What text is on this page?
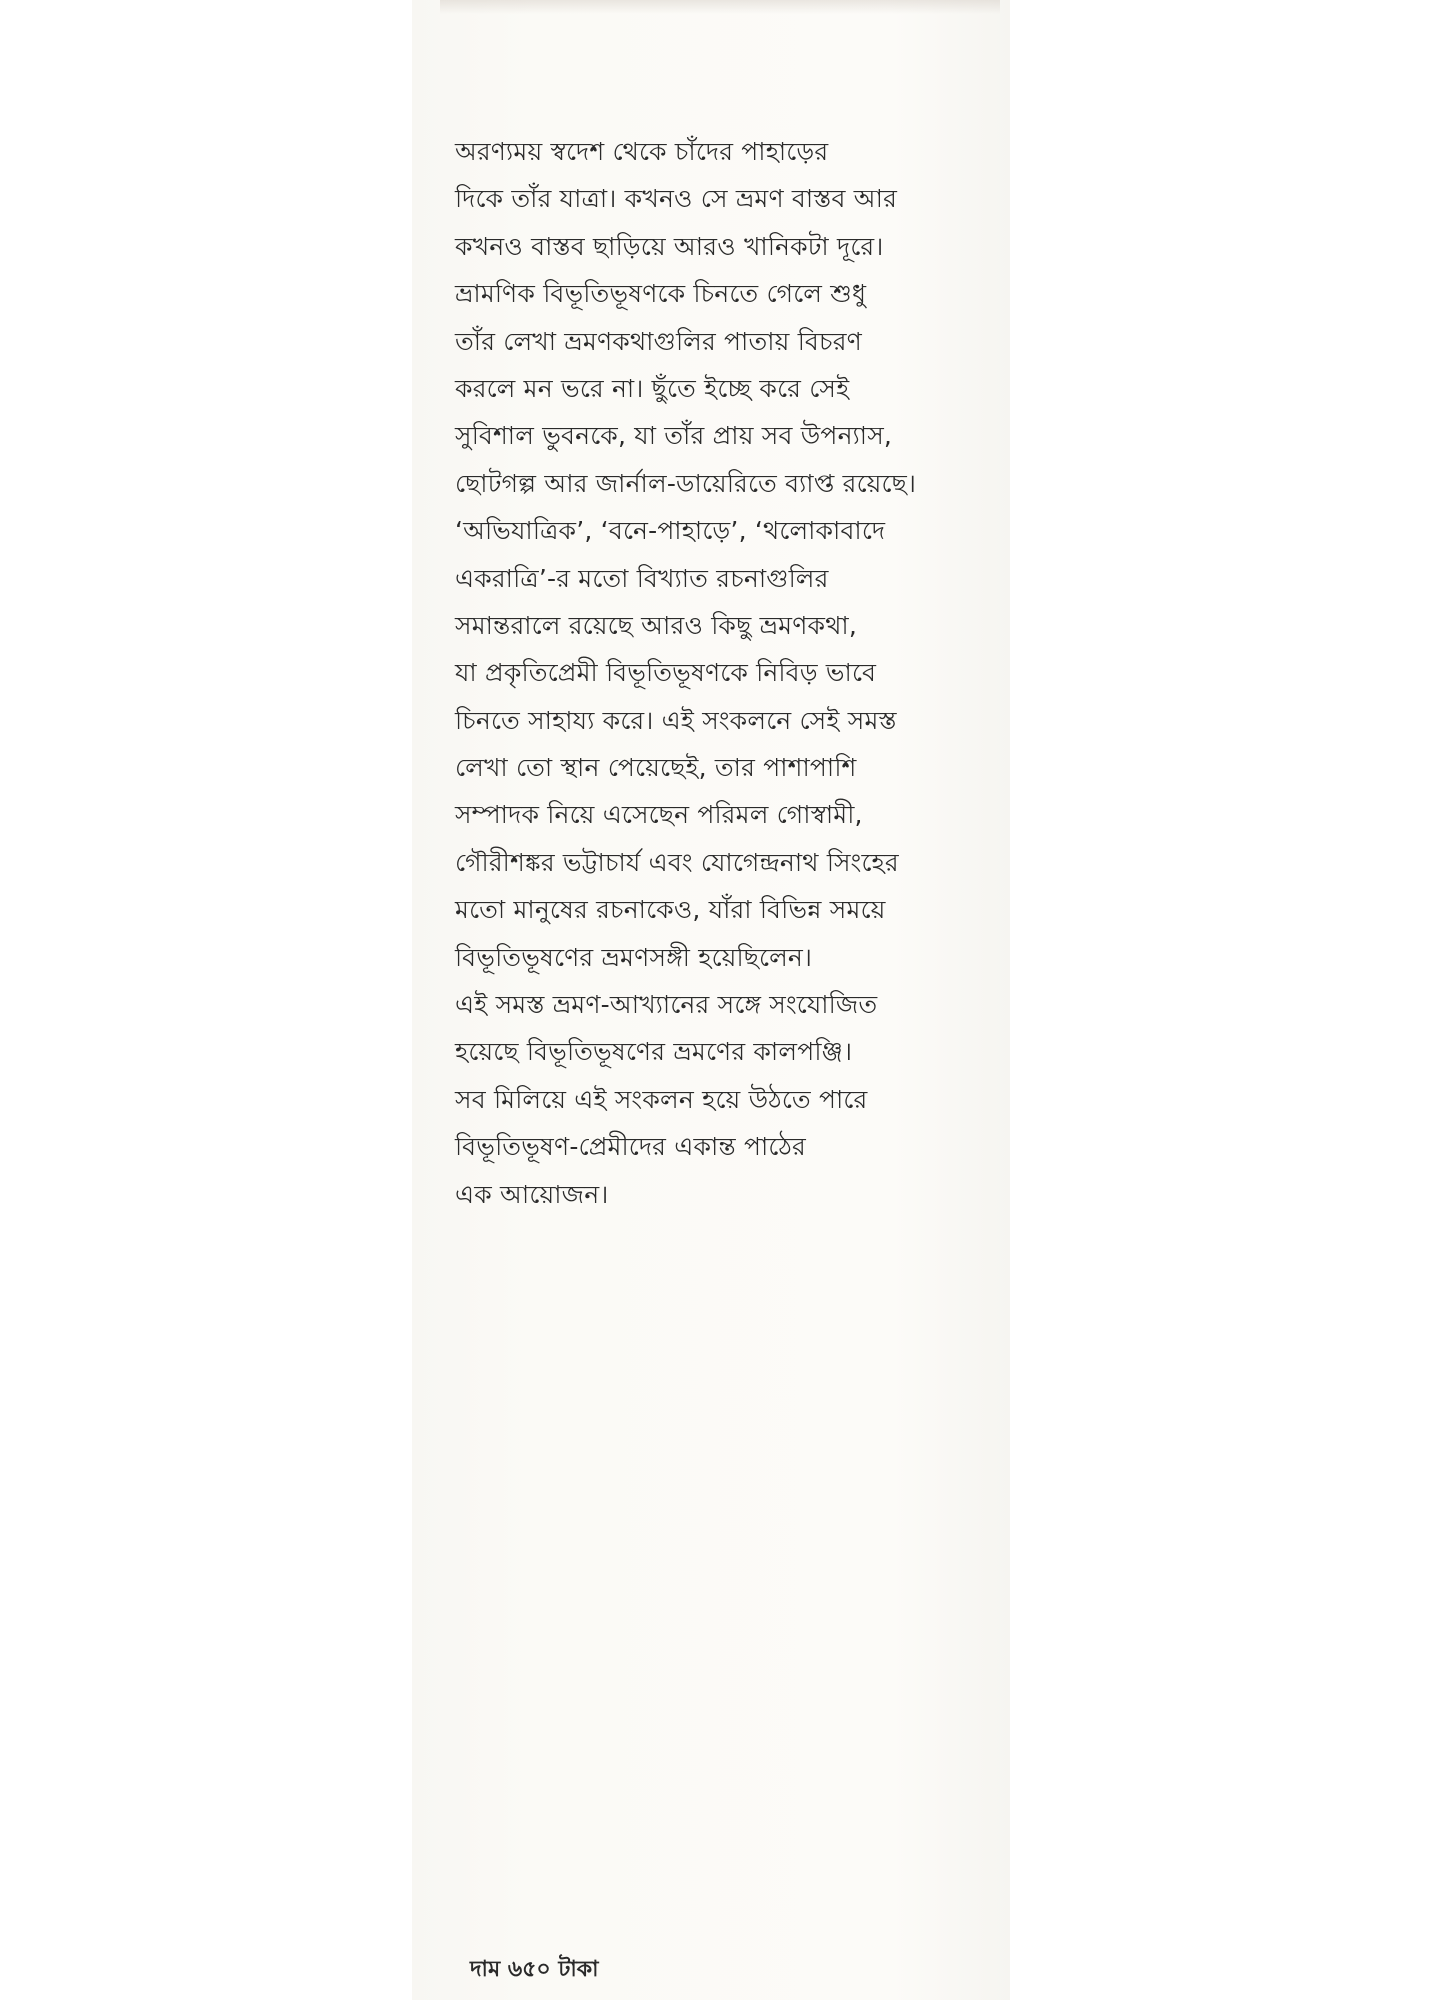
অরণ্যময় স্বদেশ থেকে চাঁদের পাহাড়ের
দিকে তাঁর যাত্রা। কখনও সে ভ্রমণ বাস্তব আর
কখনও বাস্তব ছাড়িয়ে আরও খানিকটা দূরে।
ভ্রামণিক বিভূতিভূষণকে চিনতে গেলে শুধু
তাঁর লেখা ভ্রমণকথাগুলির পাতায় বিচরণ
করলে মন ভরে না। ছুঁতে ইচ্ছে করে সেই
সুবিশাল ভুবনকে, যা তাঁর প্রায় সব উপন্যাস,
ছোটগল্প আর জার্নাল-ডায়েরিতে ব্যাপ্ত রয়েছে।
‘অভিযাত্রিক’, ‘বনে-পাহাড়ে’, ‘থলোকাবাদে
একরাত্রি’-র মতো বিখ্যাত রচনাগুলির
সমান্তরালে রয়েছে আরও কিছু ভ্রমণকথা,
যা প্রকৃতিপ্রেমী বিভূতিভূষণকে নিবিড় ভাবে
চিনতে সাহায্য করে। এই সংকলনে সেই সমস্ত
লেখা তো স্থান পেয়েছেই, তার পাশাপাশি
সম্পাদক নিয়ে এসেছেন পরিমল গোস্বামী,
গৌরীশঙ্কর ভট্টাচার্য এবং যোগেন্দ্রনাথ সিংহের
মতো মানুষের রচনাকেও, যাঁরা বিভিন্ন সময়ে
বিভূতিভূষণের ভ্রমণসঙ্গী হয়েছিলেন।
এই সমস্ত ভ্রমণ-আখ্যানের সঙ্গে সংযোজিত
হয়েছে বিভূতিভূষণের ভ্রমণের কালপঞ্জি।
সব মিলিয়ে এই সংকলন হয়ে উঠতে পারে
বিভূতিভূষণ-প্রেমীদের একান্ত পাঠের
এক আয়োজন।
দাম ৬৫০ টাকা
